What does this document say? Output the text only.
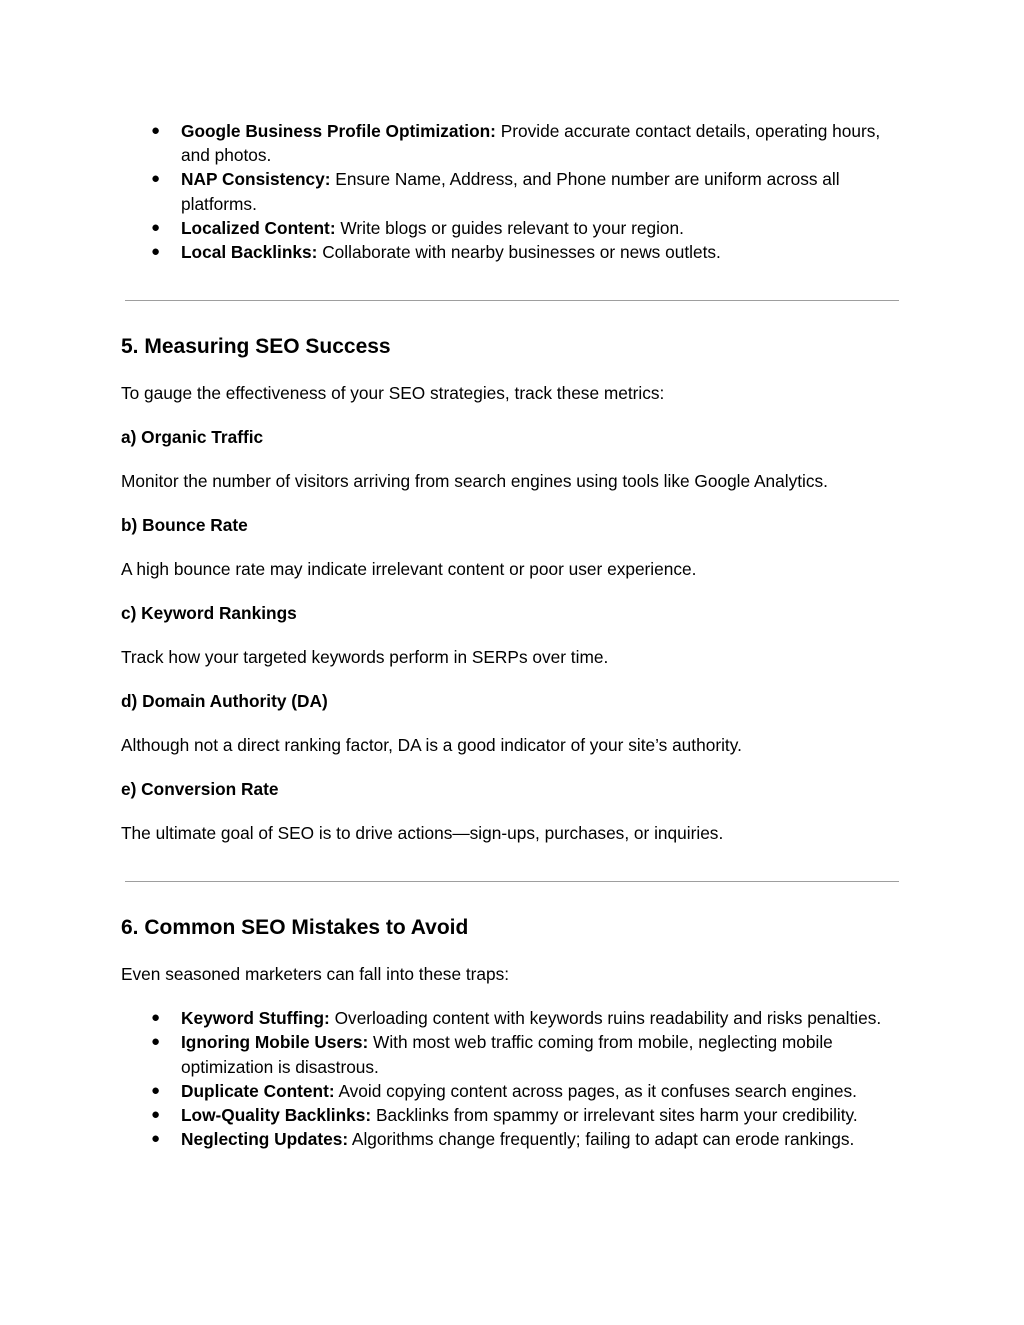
● Google Business Profile Optimization: Provide accurate contact details, operating hours, and photos.
● NAP Consistency: Ensure Name, Address, and Phone number are uniform across all platforms.
● Localized Content: Write blogs or guides relevant to your region.
● Local Backlinks: Collaborate with nearby businesses or news outlets.
5. Measuring SEO Success

To gauge the effectiveness of your SEO strategies, track these metrics:

a) Organic Traffic

Monitor the number of visitors arriving from search engines using tools like Google Analytics.

b) Bounce Rate

A high bounce rate may indicate irrelevant content or poor user experience.

c) Keyword Rankings

Track how your targeted keywords perform in SERPs over time.

d) Domain Authority (DA)

Although not a direct ranking factor, DA is a good indicator of your site’s authority.

e) Conversion Rate

The ultimate goal of SEO is to drive actions—sign-ups, purchases, or inquiries.

6. Common SEO Mistakes to Avoid

Even seasoned marketers can fall into these traps:

● Keyword Stuffing: Overloading content with keywords ruins readability and risks penalties.
● Ignoring Mobile Users: With most web traffic coming from mobile, neglecting mobile optimization is disastrous.
● Duplicate Content: Avoid copying content across pages, as it confuses search engines.
● Low-Quality Backlinks: Backlinks from spammy or irrelevant sites harm your credibility.
● Neglecting Updates: Algorithms change frequently; failing to adapt can erode rankings.
